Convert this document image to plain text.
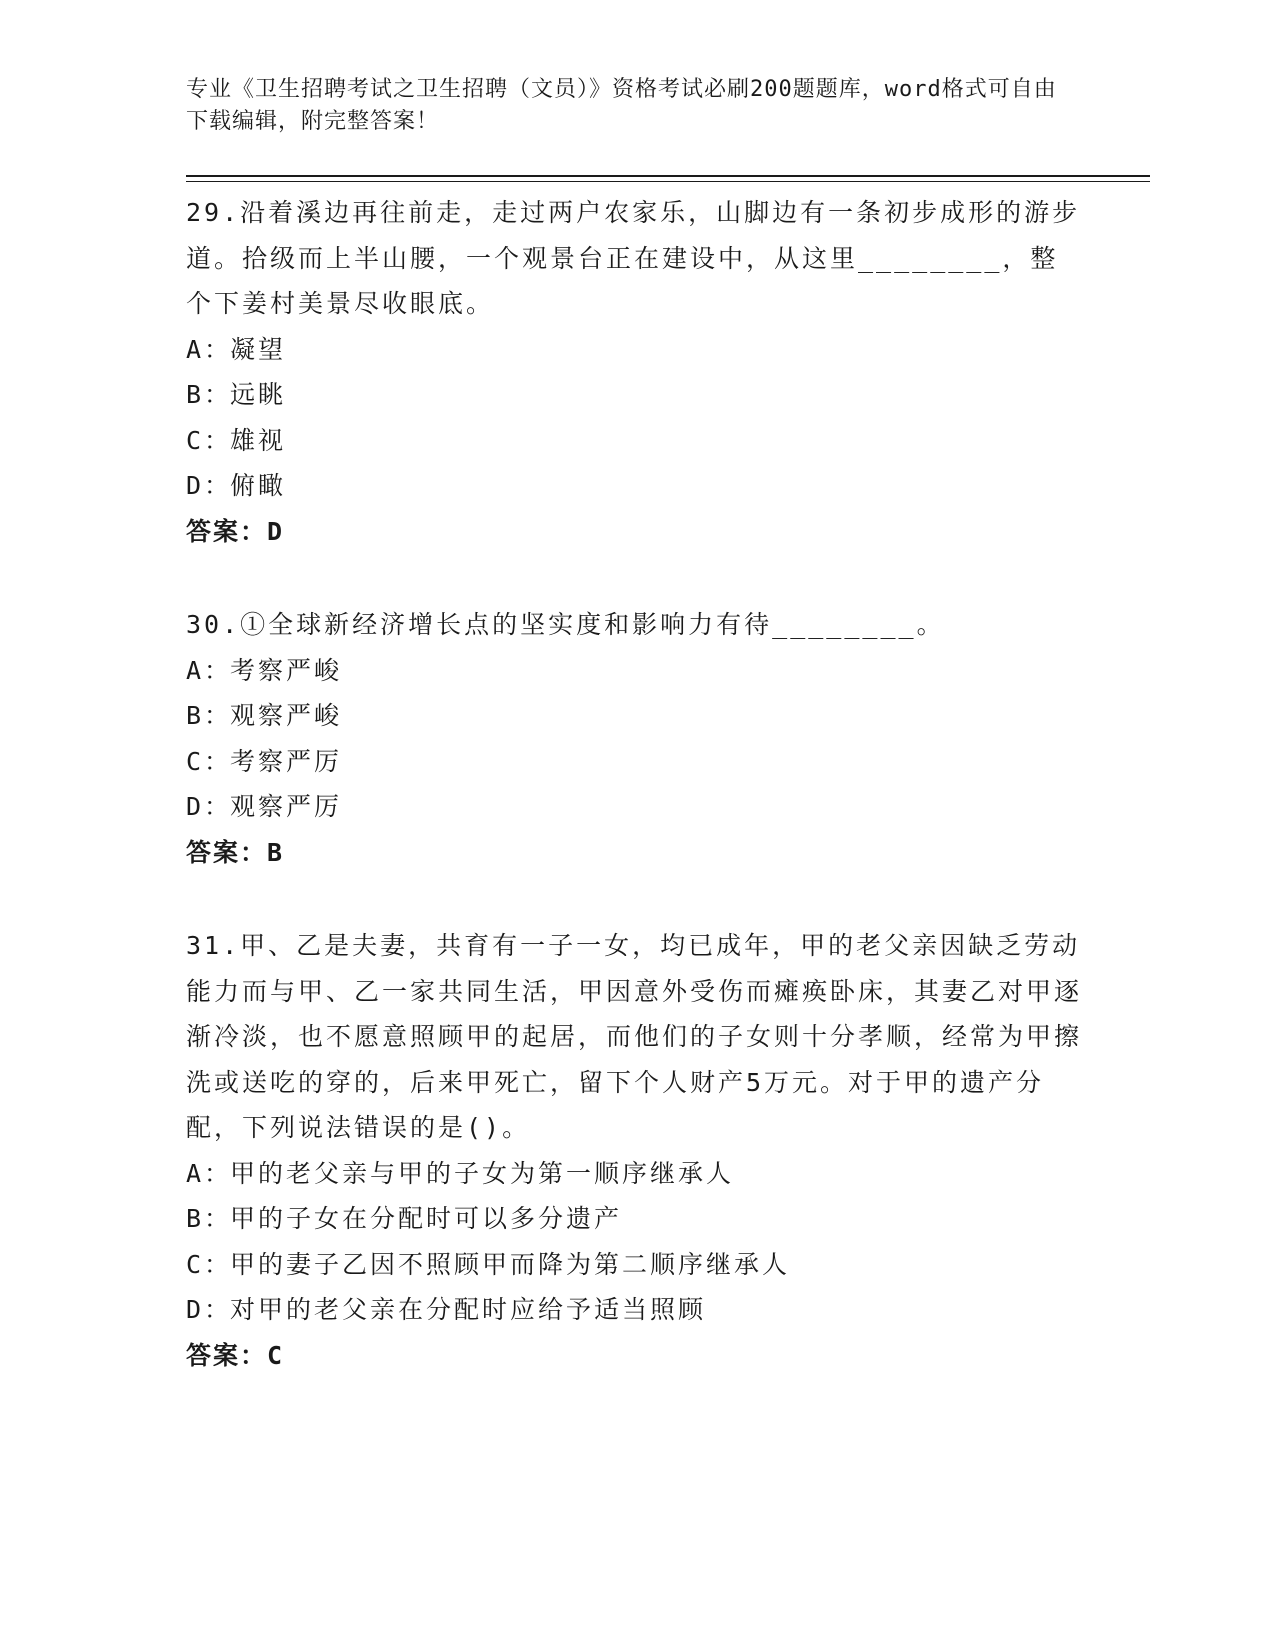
专业《卫生招聘考试之卫生招聘（文员）》资格考试必刷200题题库，word格式可自由下载编辑，附完整答案！

29.沿着溪边再往前走，走过两户农家乐，山脚边有一条初步成形的游步道。拾级而上半山腰，一个观景台正在建设中，从这里________，整个下姜村美景尽收眼底。

A：凝望

B：远眺

C：雄视

D：俯瞰

答案：D

30.①全球新经济增长点的坚实度和影响力有待________。

A：考察严峻

B：观察严峻

C：考察严厉

D：观察严厉

答案：B

31.甲、乙是夫妻，共育有一子一女，均已成年，甲的老父亲因缺乏劳动能力而与甲、乙一家共同生活，甲因意外受伤而瘫痪卧床，其妻乙对甲逐渐冷淡，也不愿意照顾甲的起居，而他们的子女则十分孝顺，经常为甲擦洗或送吃的穿的，后来甲死亡，留下个人财产5万元。对于甲的遗产分配，下列说法错误的是()。

A：甲的老父亲与甲的子女为第一顺序继承人

B：甲的子女在分配时可以多分遗产

C：甲的妻子乙因不照顾甲而降为第二顺序继承人

D：对甲的老父亲在分配时应给予适当照顾

答案：C
